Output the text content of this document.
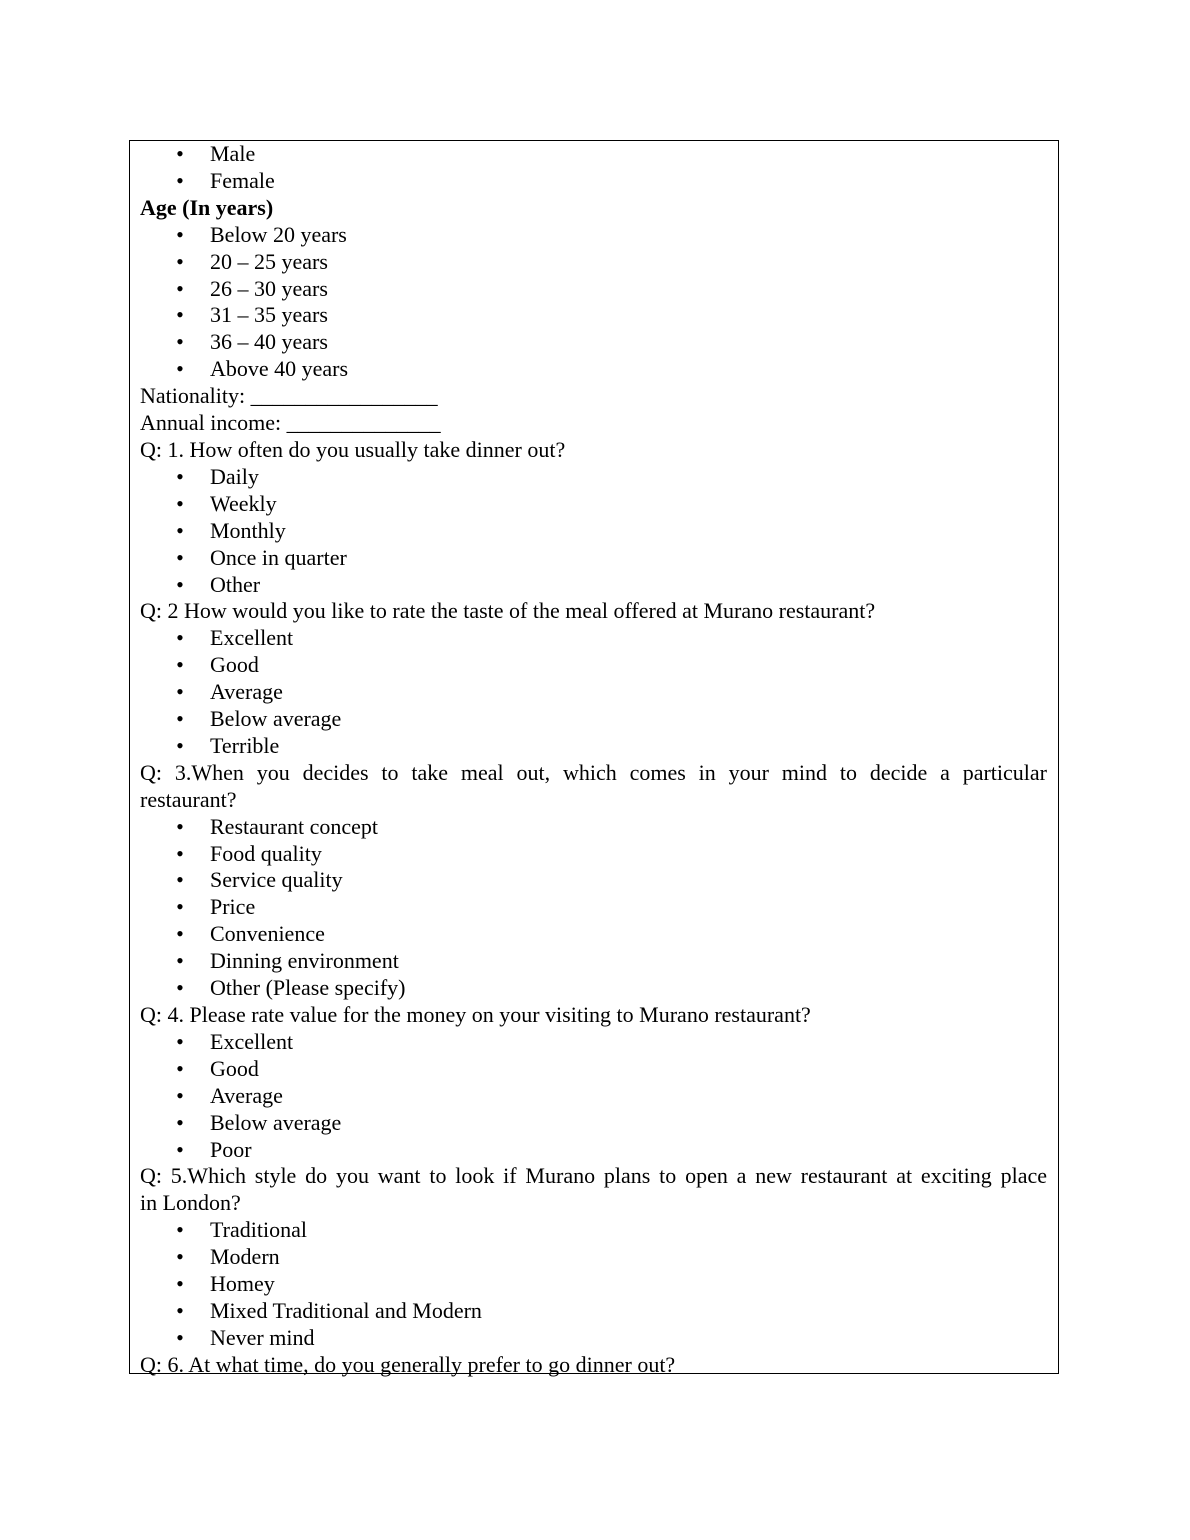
• Male
• Female

Age (In years)

• Below 20 years
• 20 – 25 years
• 26 – 30 years
• 31 – 35 years
• 36 – 40 years
• Above 40 years

Nationality: _________________

Annual income: ______________

Q: 1. How often do you usually take dinner out?

• Daily
• Weekly
• Monthly
• Once in quarter
• Other

Q: 2 How would you like to rate the taste of the meal offered at Murano restaurant?

• Excellent
• Good
• Average
• Below average
• Terrible

Q: 3.When you decides to take meal out, which comes in your mind to decide a particular

restaurant?

• Restaurant concept
• Food quality
• Service quality
• Price
• Convenience
• Dinning environment
• Other (Please specify)

Q: 4. Please rate value for the money on your visiting to Murano restaurant?

• Excellent
• Good
• Average
• Below average
• Poor

Q: 5.Which style do you want to look if Murano plans to open a new restaurant at exciting place

in London?

• Traditional
• Modern
• Homey
• Mixed Traditional and Modern
• Never mind

Q: 6. At what time, do you generally prefer to go dinner out?
